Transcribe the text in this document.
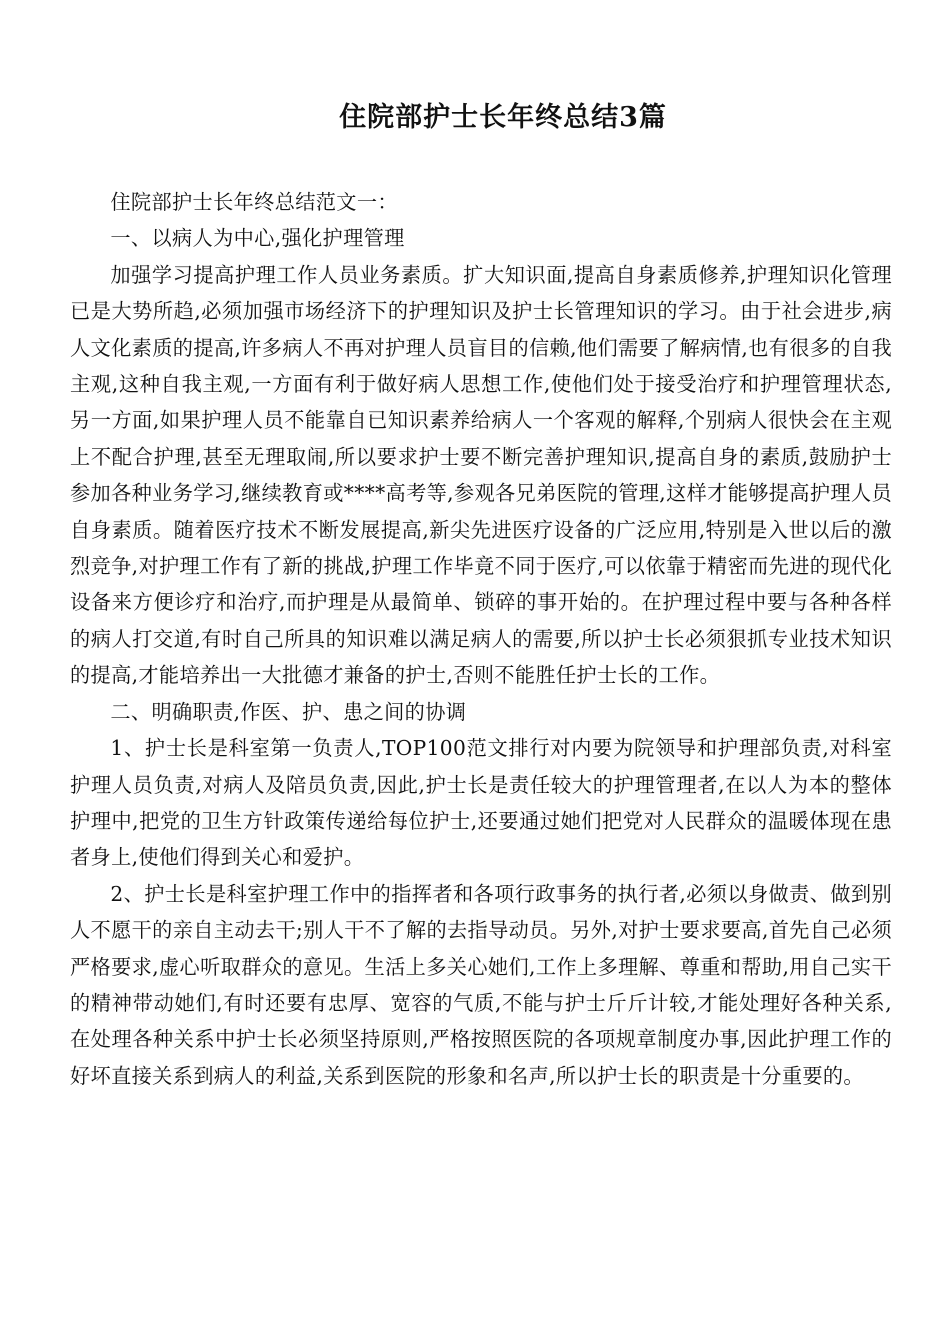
住院部护士长年终总结3篇

住院部护士长年终总结范文一：

一、以病人为中心,强化护理管理

加强学习提高护理工作人员业务素质。扩大知识面,提高自身素质修养,护理知识化管理已是大势所趋,必须加强市场经济下的护理知识及护士长管理知识的学习。由于社会进步,病人文化素质的提高,许多病人不再对护理人员盲目的信赖,他们需要了解病情,也有很多的自我主观,这种自我主观,一方面有利于做好病人思想工作,使他们处于接受治疗和护理管理状态,另一方面,如果护理人员不能靠自已知识素养给病人一个客观的解释,个别病人很快会在主观上不配合护理,甚至无理取闹,所以要求护士要不断完善护理知识,提高自身的素质,鼓励护士参加各种业务学习,继续教育或****高考等,参观各兄弟医院的管理,这样才能够提高护理人员自身素质。随着医疗技术不断发展提高,新尖先进医疗设备的广泛应用,特别是入世以后的激烈竞争,对护理工作有了新的挑战,护理工作毕竟不同于医疗,可以依靠于精密而先进的现代化设备来方便诊疗和治疗,而护理是从最简单、锁碎的事开始的。在护理过程中要与各种各样的病人打交道,有时自己所具的知识难以满足病人的需要,所以护士长必须狠抓专业技术知识的提高,才能培养出一大批德才兼备的护士,否则不能胜任护士长的工作。

二、明确职责,作医、护、患之间的协调

1、护士长是科室第一负责人,TOP100范文排行对内要为院领导和护理部负责,对科室护理人员负责,对病人及陪员负责,因此,护士长是责任较大的护理管理者,在以人为本的整体护理中,把党的卫生方针政策传递给每位护士,还要通过她们把党对人民群众的温暖体现在患者身上,使他们得到关心和爱护。

2、护士长是科室护理工作中的指挥者和各项行政事务的执行者,必须以身做责、做到别人不愿干的亲自主动去干;别人干不了解的去指导动员。另外,对护士要求要高,首先自己必须严格要求,虚心听取群众的意见。生活上多关心她们,工作上多理解、尊重和帮助,用自己实干的精神带动她们,有时还要有忠厚、宽容的气质,不能与护士斤斤计较,才能处理好各种关系,在处理各种关系中护士长必须坚持原则,严格按照医院的各项规章制度办事,因此护理工作的好坏直接关系到病人的利益,关系到医院的形象和名声,所以护士长的职责是十分重要的。
